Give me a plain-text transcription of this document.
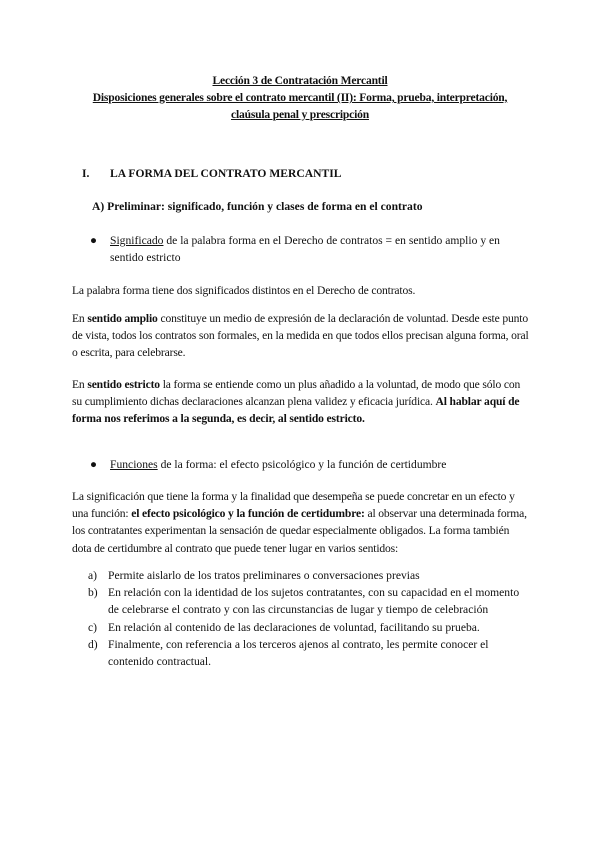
Lección 3 de Contratación Mercantil
Disposiciones generales sobre el contrato mercantil (II): Forma, prueba, interpretación,
claúsula penal y prescripción
I. LA FORMA DEL CONTRATO MERCANTIL
A) Preliminar: significado, función y clases de forma en el contrato
●	Significado de la palabra forma en el Derecho de contratos = en sentido amplio y en sentido estricto

La palabra forma tiene dos significados distintos en el Derecho de contratos.

En sentido amplio constituye un medio de expresión de la declaración de voluntad. Desde este punto de vista, todos los contratos son formales, en la medida en que todos ellos precisan alguna forma, oral o escrita, para celebrarse.

En sentido estricto la forma se entiende como un plus añadido a la voluntad, de modo que sólo con su cumplimiento dichas declaraciones alcanzan plena validez y eficacia jurídica. Al hablar aquí de forma nos referimos a la segunda, es decir, al sentido estricto.

●	Funciones de la forma: el efecto psicológico y la función de certidumbre

La significación que tiene la forma y la finalidad que desempeña se puede concretar en un efecto y una función: el efecto psicológico y la función de certidumbre: al observar una determinada forma, los contratantes experimentan la sensación de quedar especialmente obligados. La forma también dota de certidumbre al contrato que puede tener lugar en varios sentidos:

a) Permite aislarlo de los tratos preliminares o conversaciones previas
b) En relación con la identidad de los sujetos contratantes, con su capacidad en el momento de celebrarse el contrato y con las circunstancias de lugar y tiempo de celebración
c) En relación al contenido de las declaraciones de voluntad, facilitando su prueba.
d) Finalmente, con referencia a los terceros ajenos al contrato, les permite conocer el contenido contractual.
